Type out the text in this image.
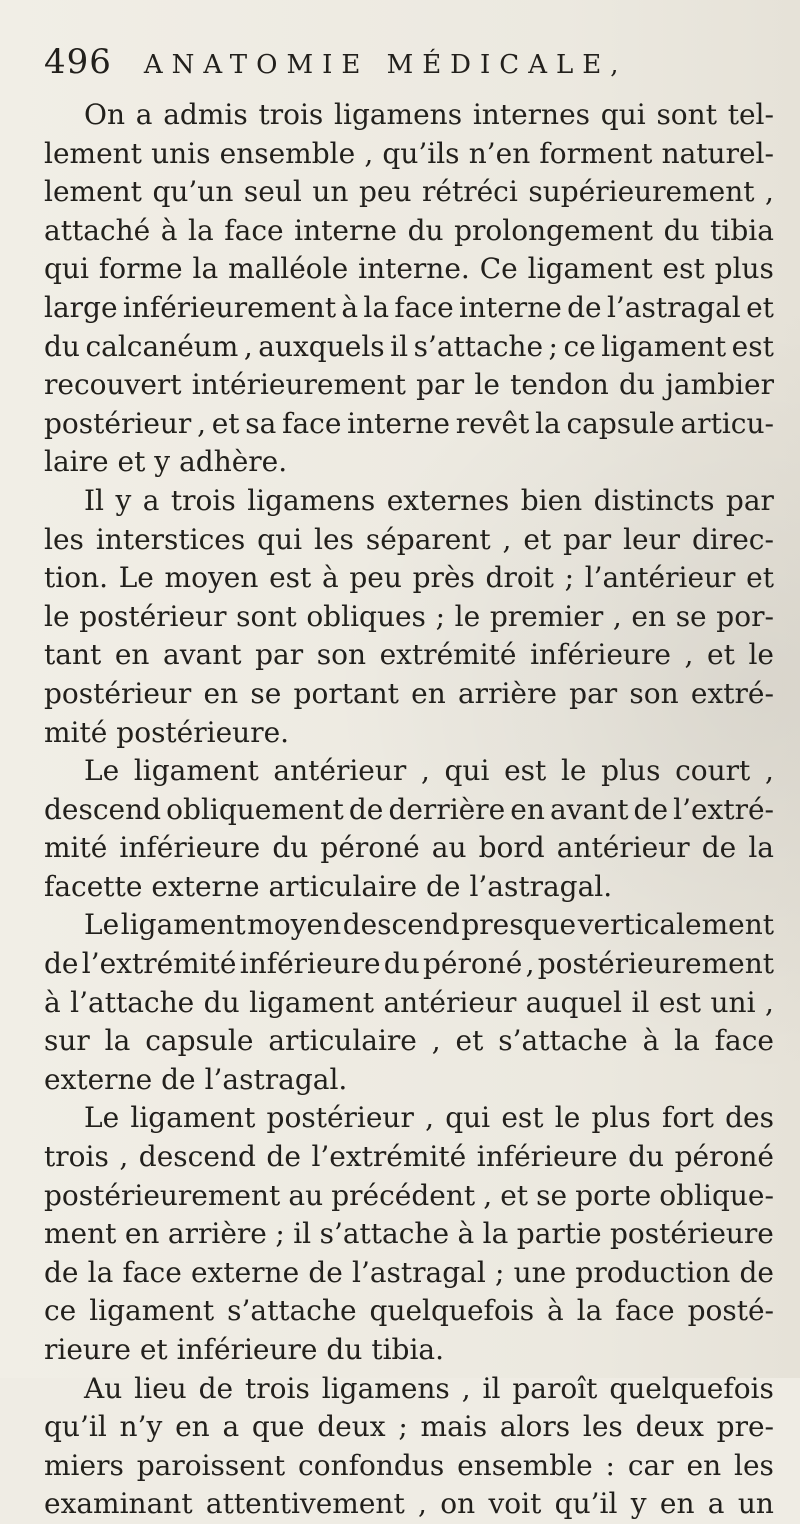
496 ANATOMIE MÉDICALE,
On a admis trois ligamens internes qui sont tel-
lement unis ensemble , qu’ils n’en forment naturel-
lement qu’un seul un peu rétréci supérieurement ,
attaché à la face interne du prolongement du tibia
qui forme la malléole interne. Ce ligament est plus
large inférieurement à la face interne de l’astragal et
du calcanéum , auxquels il s’attache ; ce ligament est
recouvert intérieurement par le tendon du jambier
postérieur , et sa face interne revêt la capsule articu-
laire et y adhère.
Il y a trois ligamens externes bien distincts par
les interstices qui les séparent , et par leur direc-
tion. Le moyen est à peu près droit ; l’antérieur et
le postérieur sont obliques ; le premier , en se por-
tant en avant par son extrémité inférieure , et le
postérieur en se portant en arrière par son extré-
mité postérieure.
Le ligament antérieur , qui est le plus court ,
descend obliquement de derrière en avant de l’extré-
mité inférieure du péroné au bord antérieur de la
facette externe articulaire de l’astragal.
Le ligament moyen descend presque verticalement
de l’extrémité inférieure du péroné , postérieurement
à l’attache du ligament antérieur auquel il est uni ,
sur la capsule articulaire , et s’attache à la face
externe de l’astragal.
Le ligament postérieur , qui est le plus fort des
trois , descend de l’extrémité inférieure du péroné
postérieurement au précédent , et se porte oblique-
ment en arrière ; il s’attache à la partie postérieure
de la face externe de l’astragal ; une production de
ce ligament s’attache quelquefois à la face posté-
rieure et inférieure du tibia.
Au lieu de trois ligamens , il paroît quelquefois
qu’il n’y en a que deux ; mais alors les deux pre-
miers paroissent confondus ensemble : car en les
examinant attentivement , on voit qu’il y en a un
